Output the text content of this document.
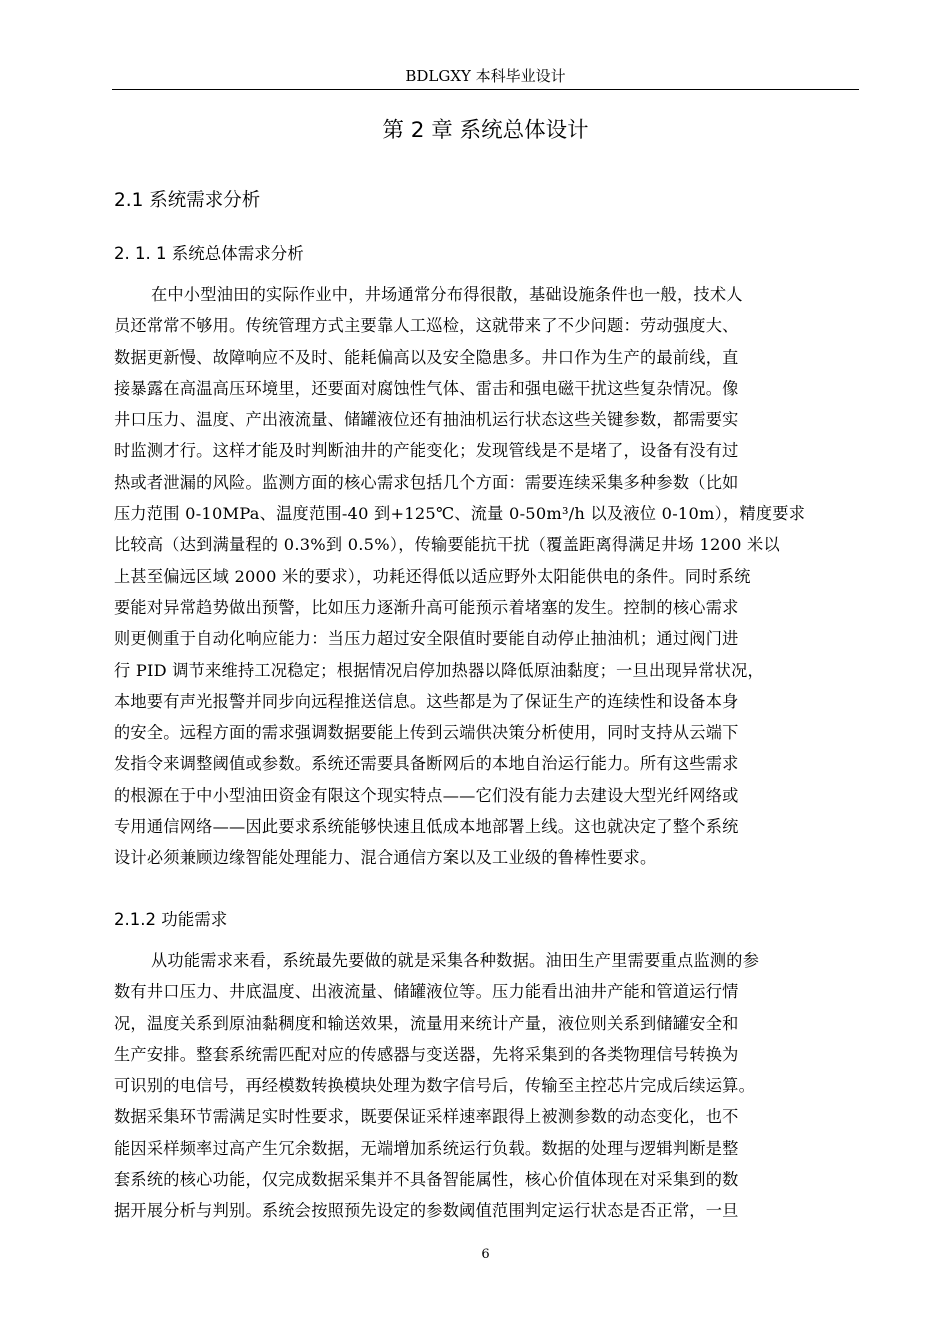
BDLGXY 本科毕业设计
第 2 章 系统总体设计
2.1 系统需求分析
2. 1. 1 系统总体需求分析
在中小型油田的实际作业中，井场通常分布得很散，基础设施条件也一般，技术人
员还常常不够用。传统管理方式主要靠人工巡检，这就带来了不少问题：劳动强度大、
数据更新慢、故障响应不及时、能耗偏高以及安全隐患多。井口作为生产的最前线，直
接暴露在高温高压环境里，还要面对腐蚀性气体、雷击和强电磁干扰这些复杂情况。像
井口压力、温度、产出液流量、储罐液位还有抽油机运行状态这些关键参数，都需要实
时监测才行。这样才能及时判断油井的产能变化；发现管线是不是堵了，设备有没有过
热或者泄漏的风险。监测方面的核心需求包括几个方面：需要连续采集多种参数（比如
压力范围 0-10MPa、温度范围-40 到+125℃、流量 0-50m³/h 以及液位 0-10m），精度要求
比较高（达到满量程的 0.3%到 0.5%），传输要能抗干扰（覆盖距离得满足井场 1200 米以
上甚至偏远区域 2000 米的要求），功耗还得低以适应野外太阳能供电的条件。同时系统
要能对异常趋势做出预警，比如压力逐渐升高可能预示着堵塞的发生。控制的核心需求
则更侧重于自动化响应能力：当压力超过安全限值时要能自动停止抽油机；通过阀门进
行 PID 调节来维持工况稳定；根据情况启停加热器以降低原油黏度；一旦出现异常状况，
本地要有声光报警并同步向远程推送信息。这些都是为了保证生产的连续性和设备本身
的安全。远程方面的需求强调数据要能上传到云端供决策分析使用，同时支持从云端下
发指令来调整阈值或参数。系统还需要具备断网后的本地自治运行能力。所有这些需求
的根源在于中小型油田资金有限这个现实特点——它们没有能力去建设大型光纤网络或
专用通信网络——因此要求系统能够快速且低成本地部署上线。这也就决定了整个系统
设计必须兼顾边缘智能处理能力、混合通信方案以及工业级的鲁棒性要求。
2.1.2 功能需求
从功能需求来看，系统最先要做的就是采集各种数据。油田生产里需要重点监测的参
数有井口压力、井底温度、出液流量、储罐液位等。压力能看出油井产能和管道运行情
况，温度关系到原油黏稠度和输送效果，流量用来统计产量，液位则关系到储罐安全和
生产安排。整套系统需匹配对应的传感器与变送器，先将采集到的各类物理信号转换为
可识别的电信号，再经模数转换模块处理为数字信号后，传输至主控芯片完成后续运算。
数据采集环节需满足实时性要求，既要保证采样速率跟得上被测参数的动态变化，也不
能因采样频率过高产生冗余数据，无端增加系统运行负载。数据的处理与逻辑判断是整
套系统的核心功能，仅完成数据采集并不具备智能属性，核心价值体现在对采集到的数
据开展分析与判别。系统会按照预先设定的参数阈值范围判定运行状态是否正常，一旦
6
